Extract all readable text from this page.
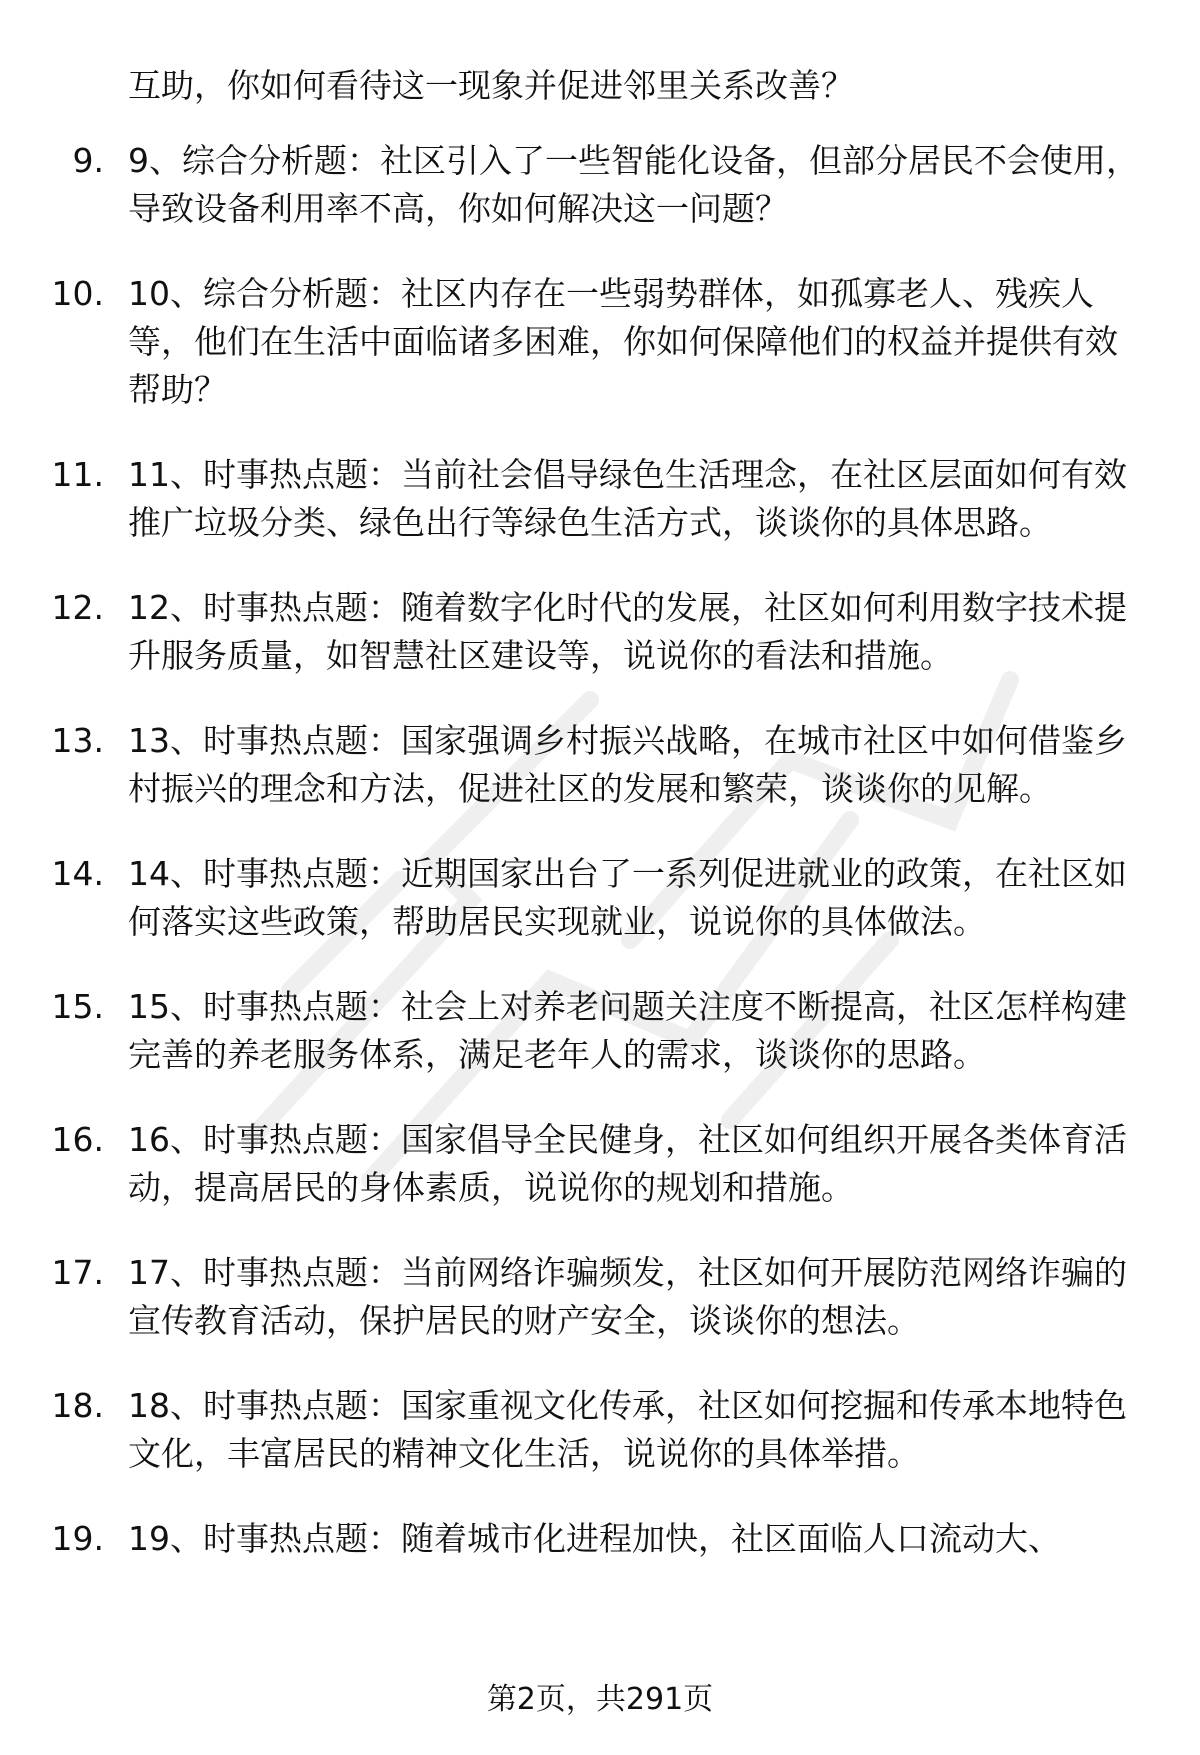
互助，你如何看待这一现象并促进邻里关系改善？

9. 9、综合分析题：社区引入了一些智能化设备，但部分居民不会使用，导致设备利用率不高，你如何解决这一问题？
10. 10、综合分析题：社区内存在一些弱势群体，如孤寡老人、残疾人等，他们在生活中面临诸多困难，你如何保障他们的权益并提供有效帮助？
11. 11、时事热点题：当前社会倡导绿色生活理念，在社区层面如何有效推广垃圾分类、绿色出行等绿色生活方式，谈谈你的具体思路。
12. 12、时事热点题：随着数字化时代的发展，社区如何利用数字技术提升服务质量，如智慧社区建设等，说说你的看法和措施。
13. 13、时事热点题：国家强调乡村振兴战略，在城市社区中如何借鉴乡村振兴的理念和方法，促进社区的发展和繁荣，谈谈你的见解。
14. 14、时事热点题：近期国家出台了一系列促进就业的政策，在社区如何落实这些政策，帮助居民实现就业，说说你的具体做法。
15. 15、时事热点题：社会上对养老问题关注度不断提高，社区怎样构建完善的养老服务体系，满足老年人的需求，谈谈你的思路。
16. 16、时事热点题：国家倡导全民健身，社区如何组织开展各类体育活动，提高居民的身体素质，说说你的规划和措施。
17. 17、时事热点题：当前网络诈骗频发，社区如何开展防范网络诈骗的宣传教育活动，保护居民的财产安全，谈谈你的想法。
18. 18、时事热点题：国家重视文化传承，社区如何挖掘和传承本地特色文化，丰富居民的精神文化生活，说说你的具体举措。
19. 19、时事热点题：随着城市化进程加快，社区面临人口流动大、
第2页，共291页
